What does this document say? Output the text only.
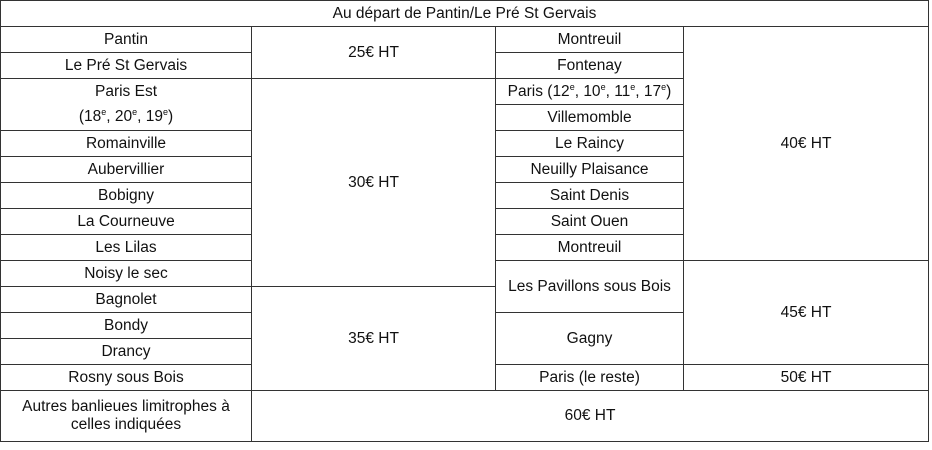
Au départ de Pantin/Le Pré St Gervais
Pantin
Le Pré St Gervais
Paris Est
(18e, 20e, 19e)
Romainville
Aubervillier
Bobigny
La Courneuve
Les Lilas
Noisy le sec
Bagnolet
Bondy
Drancy
Rosny sous Bois
Autres banlieues limitrophes à celles indiquées
25€ HT
30€ HT
35€ HT
Montreuil
Fontenay
Paris (12e, 10e, 11e, 17e)
Villemomble
Le Raincy
Neuilly Plaisance
Saint Denis
Saint Ouen
Montreuil
Les Pavillons sous Bois
Gagny
Paris (le reste)
40€ HT
45€ HT
50€ HT
60€ HT
